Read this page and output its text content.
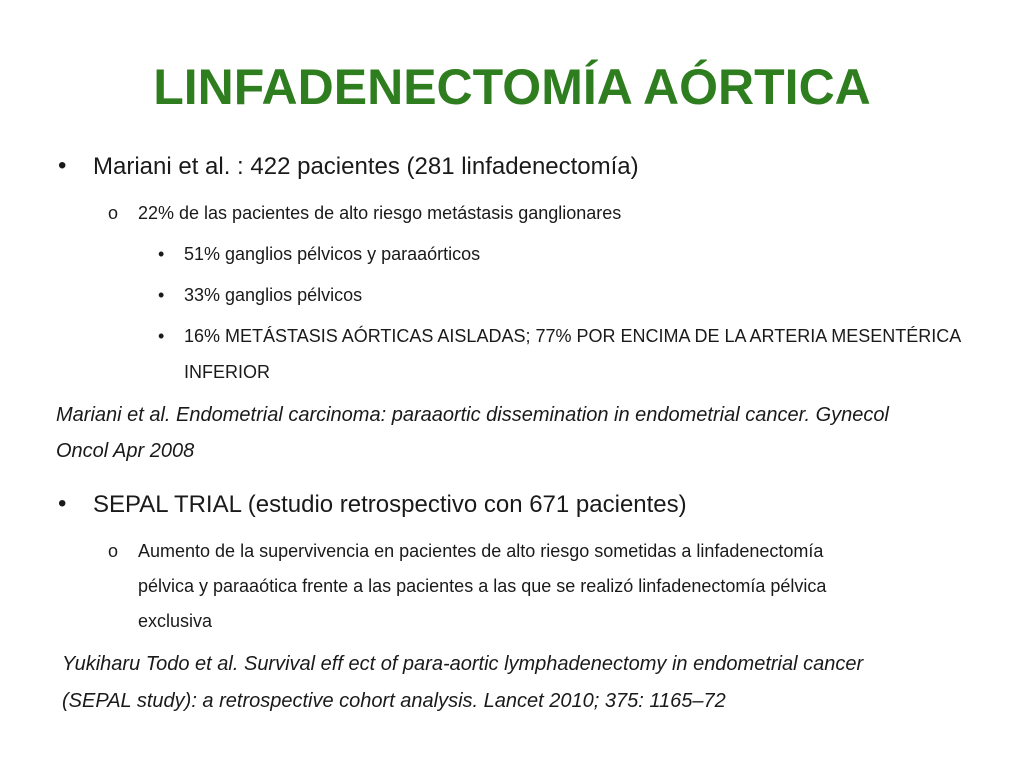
LINFADENECTOMÍA AÓRTICA
• Mariani et al. : 422 pacientes (281 linfadenectomía)
o 22% de las pacientes de alto riesgo metástasis ganglionares
• 51% ganglios pélvicos y paraaórticos
• 33% ganglios pélvicos
• 16% METÁSTASIS AÓRTICAS AISLADAS; 77% POR ENCIMA DE LA ARTERIA MESENTÉRICA
INFERIOR
Mariani et al. Endometrial carcinoma: paraaortic dissemination in endometrial cancer. Gynecol
Oncol Apr 2008
• SEPAL TRIAL (estudio retrospectivo con 671 pacientes)
o Aumento de la supervivencia en pacientes de alto riesgo sometidas a linfadenectomía
pélvica y paraaótica frente a las pacientes a las que se realizó linfadenectomía pélvica
exclusiva
Yukiharu Todo et al. Survival eff ect of para-aortic lymphadenectomy in endometrial cancer
(SEPAL study): a retrospective cohort analysis. Lancet 2010; 375: 1165–72
